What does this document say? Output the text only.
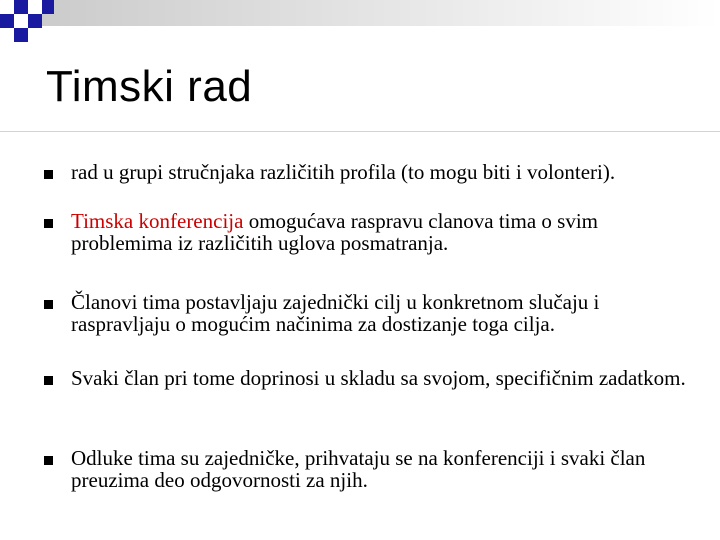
Timski rad
rad u grupi stručnjaka različitih profila (to mogu biti i volonteri).
Timska konferencija omogućava raspravu clanova tima o svim problemima iz različitih uglova posmatranja.
Članovi tima postavljaju zajednički cilj u konkretnom slučaju i raspravljaju o mogućim načinima za dostizanje toga cilja.
Svaki član pri tome doprinosi u skladu sa svojom, specifičnim zadatkom.
Odluke tima su zajedničke, prihvataju se na konferenciji i svaki član preuzima deo odgovornosti za njih.
